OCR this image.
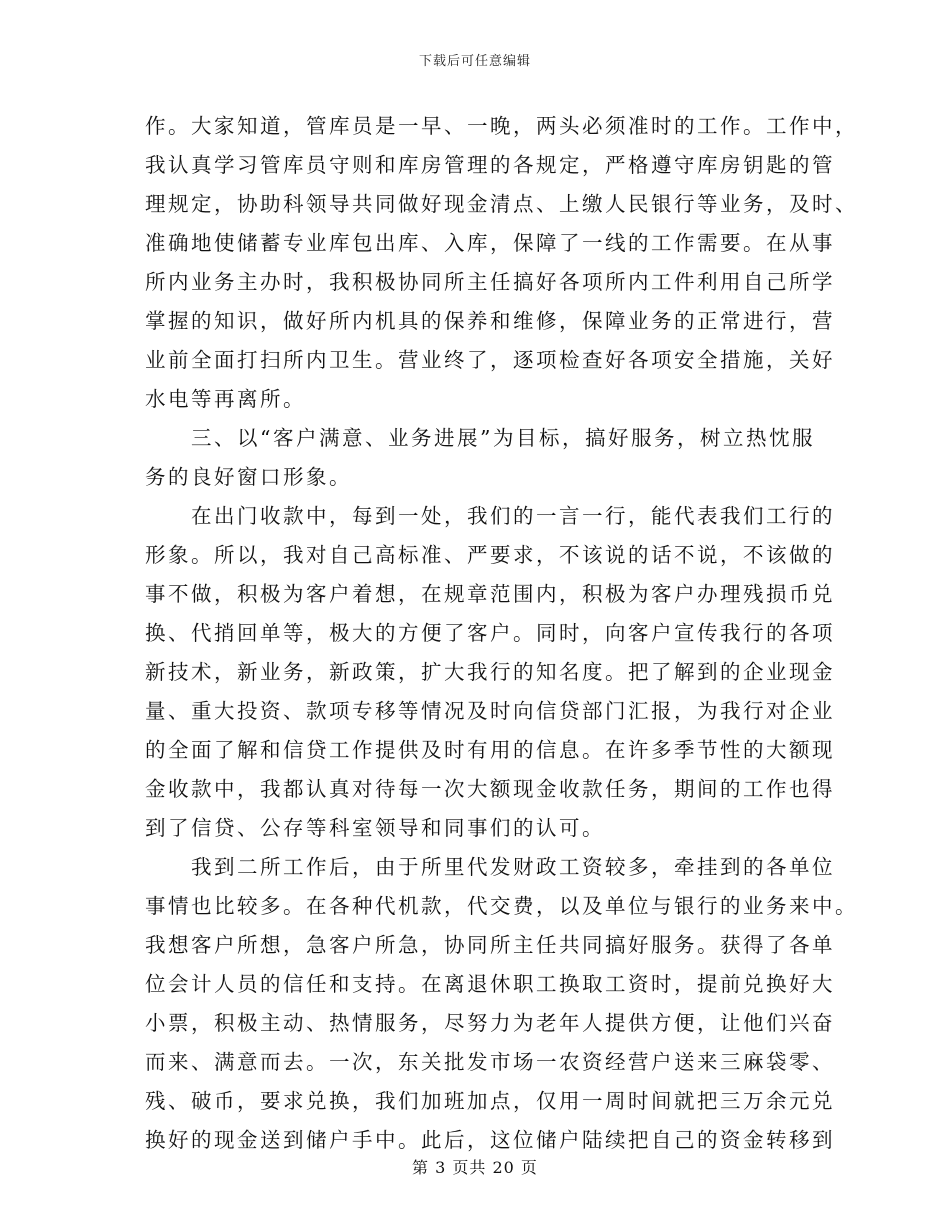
下载后可任意编辑
作。大家知道，管库员是一早、一晚，两头必须准时的工作。工作中，
我认真学习管库员守则和库房管理的各规定，严格遵守库房钥匙的管
理规定，协助科领导共同做好现金清点、上缴人民银行等业务，及时、
准确地使储蓄专业库包出库、入库，保障了一线的工作需要。在从事
所内业务主办时，我积极协同所主任搞好各项所内工件利用自己所学
掌握的知识，做好所内机具的保养和维修，保障业务的正常进行，营
业前全面打扫所内卫生。营业终了，逐项检查好各项安全措施，关好
水电等再离所。
　　三、以“客户满意、业务进展”为目标，搞好服务，树立热忱服
务的良好窗口形象。
　　在出门收款中，每到一处，我们的一言一行，能代表我们工行的
形象。所以，我对自己高标准、严要求，不该说的话不说，不该做的
事不做，积极为客户着想，在规章范围内，积极为客户办理残损币兑
换、代捎回单等，极大的方便了客户。同时，向客户宣传我行的各项
新技术，新业务，新政策，扩大我行的知名度。把了解到的企业现金
量、重大投资、款项专移等情况及时向信贷部门汇报，为我行对企业
的全面了解和信贷工作提供及时有用的信息。在许多季节性的大额现
金收款中，我都认真对待每一次大额现金收款任务，期间的工作也得
到了信贷、公存等科室领导和同事们的认可。
　　我到二所工作后，由于所里代发财政工资较多，牵挂到的各单位
事情也比较多。在各种代机款，代交费，以及单位与银行的业务来中。
我想客户所想，急客户所急，协同所主任共同搞好服务。获得了各单
位会计人员的信任和支持。在离退休职工换取工资时，提前兑换好大
小票，积极主动、热情服务，尽努力为老年人提供方便，让他们兴奋
而来、满意而去。一次，东关批发市场一农资经营户送来三麻袋零、
残、破币，要求兑换，我们加班加点，仅用一周时间就把三万余元兑
换好的现金送到储户手中。此后，这位储户陆续把自己的资金转移到
第 3 页共 20 页
